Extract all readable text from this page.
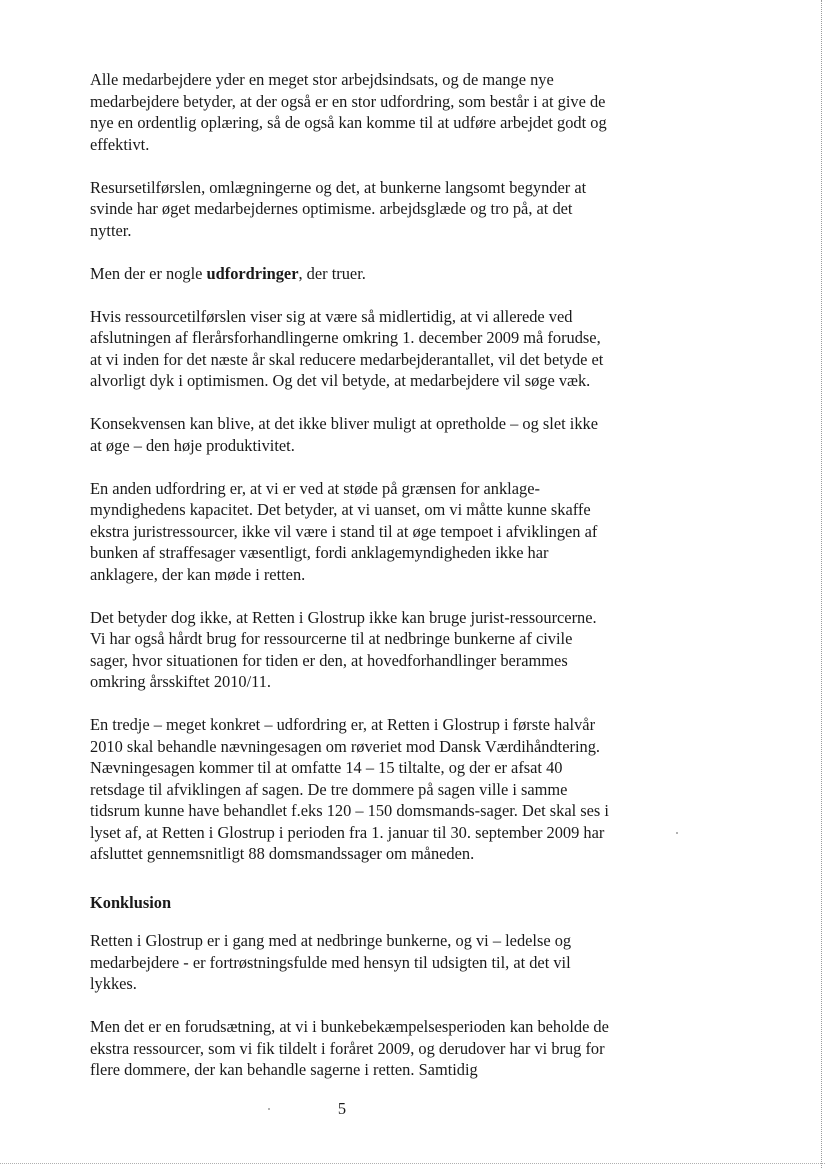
Alle medarbejdere yder en meget stor arbejdsindsats, og de mange nye medarbejdere betyder, at der også er en stor udfordring, som består i at give de nye en ordentlig oplæring, så de også kan komme til at udføre arbejdet godt og effektivt.

Resursetilførslen, omlægningerne og det, at bunkerne langsomt begynder at svinde har øget medarbejdernes optimisme. arbejdsglæde og tro på, at det nytter.

Men der er nogle udfordringer, der truer.

Hvis ressourcetilførslen viser sig at være så midlertidig, at vi allerede ved afslutningen af flerårsforhandlingerne omkring 1. december 2009 må forudse, at vi inden for det næste år skal reducere medarbejderantallet, vil det betyde et alvorligt dyk i optimismen. Og det vil betyde, at medarbejdere vil søge væk.

Konsekvensen kan blive, at det ikke bliver muligt at opretholde – og slet ikke at øge – den høje produktivitet.

En anden udfordring er, at vi er ved at støde på grænsen for anklage-myndighedens kapacitet. Det betyder, at vi uanset, om vi måtte kunne skaffe ekstra juristressourcer, ikke vil være i stand til at øge tempoet i afviklingen af bunken af straffesager væsentligt, fordi anklagemyndigheden ikke har anklagere, der kan møde i retten.

Det betyder dog ikke, at Retten i Glostrup ikke kan bruge jurist-ressourcerne. Vi har også hårdt brug for ressourcerne til at nedbringe bunkerne af civile sager, hvor situationen for tiden er den, at hovedforhandlinger berammes omkring årsskiftet 2010/11.

En tredje – meget konkret – udfordring er, at Retten i Glostrup i første halvår 2010 skal behandle nævningesagen om røveriet mod Dansk Værdihåndtering. Nævningesagen kommer til at omfatte 14 – 15 tiltalte, og der er afsat 40 retsdage til afviklingen af sagen. De tre dommere på sagen ville i samme tidsrum kunne have behandlet f.eks 120 – 150 domsmands-sager. Det skal ses i lyset af, at Retten i Glostrup i perioden fra 1. januar til 30. september 2009 har afsluttet gennemsnitligt 88 domsmandssager om måneden.

Konklusion

Retten i Glostrup er i gang med at nedbringe bunkerne, og vi – ledelse og medarbejdere - er fortrøstningsfulde med hensyn til udsigten til, at det vil lykkes.

Men det er en forudsætning, at vi i bunkebekæmpelsesperioden kan beholde de ekstra ressourcer, som vi fik tildelt i foråret 2009, og derudover har vi brug for flere dommere, der kan behandle sagerne i retten. Samtidig

5
